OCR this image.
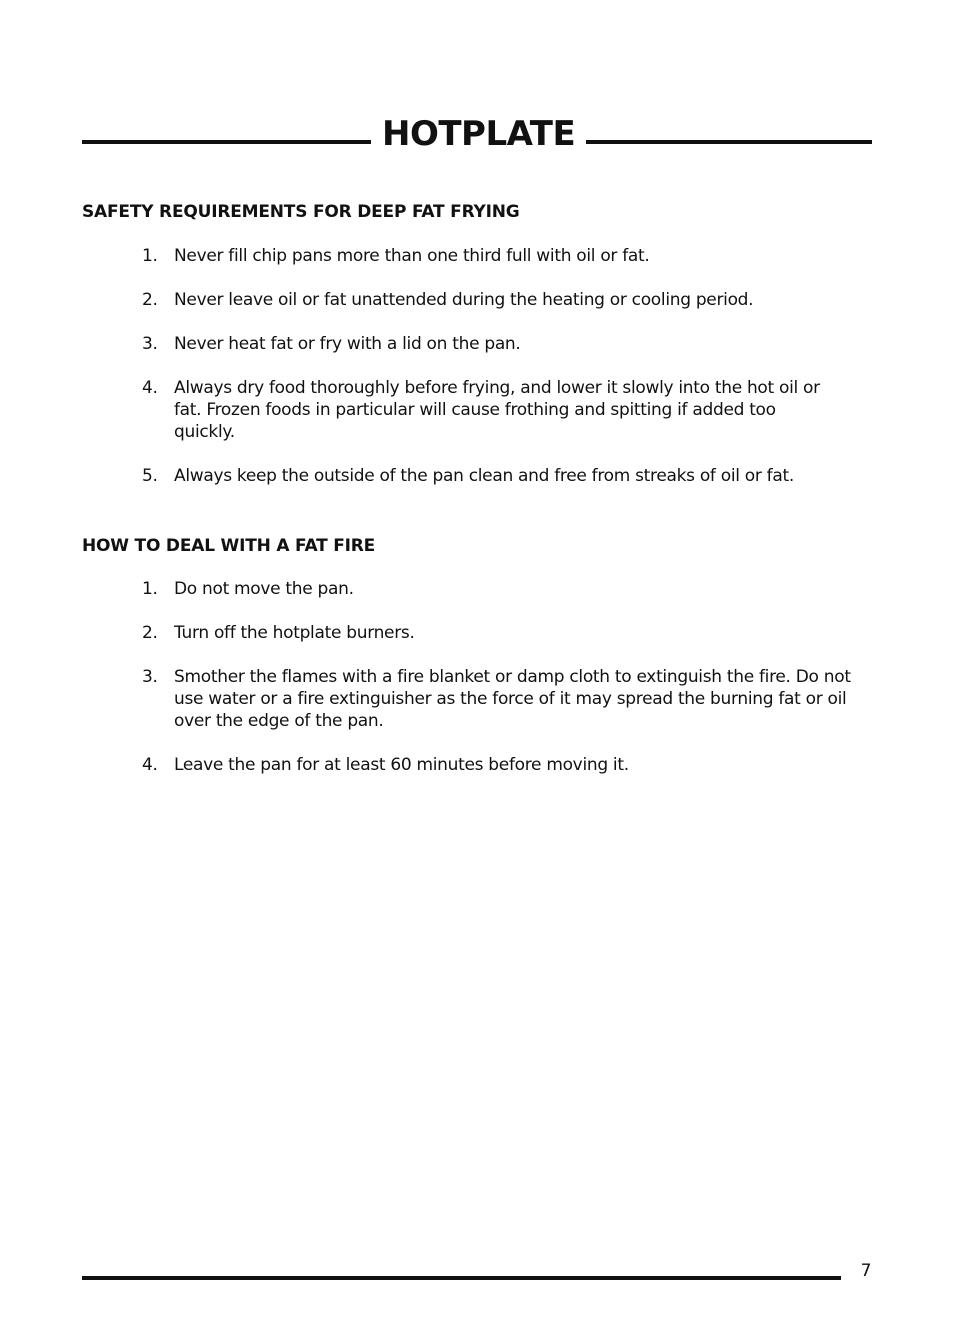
HOTPLATE
SAFETY REQUIREMENTS FOR DEEP FAT FRYING
1. Never fill chip pans more than one third full with oil or fat.
2. Never leave oil or fat unattended during the heating or cooling period.
3. Never heat fat or fry with a lid on the pan.
4. Always dry food thoroughly before frying, and lower it slowly into the hot oil or fat. Frozen foods in particular will cause frothing and spitting if added too quickly.
5. Always keep the outside of the pan clean and free from streaks of oil or fat.
HOW TO DEAL WITH A FAT FIRE
1. Do not move the pan.
2. Turn off the hotplate burners.
3. Smother the flames with a fire blanket or damp cloth to extinguish the fire. Do not use water or a fire extinguisher as the force of it may spread the burning fat or oil over the edge of the pan.
4. Leave the pan for at least 60 minutes before moving it.
7
